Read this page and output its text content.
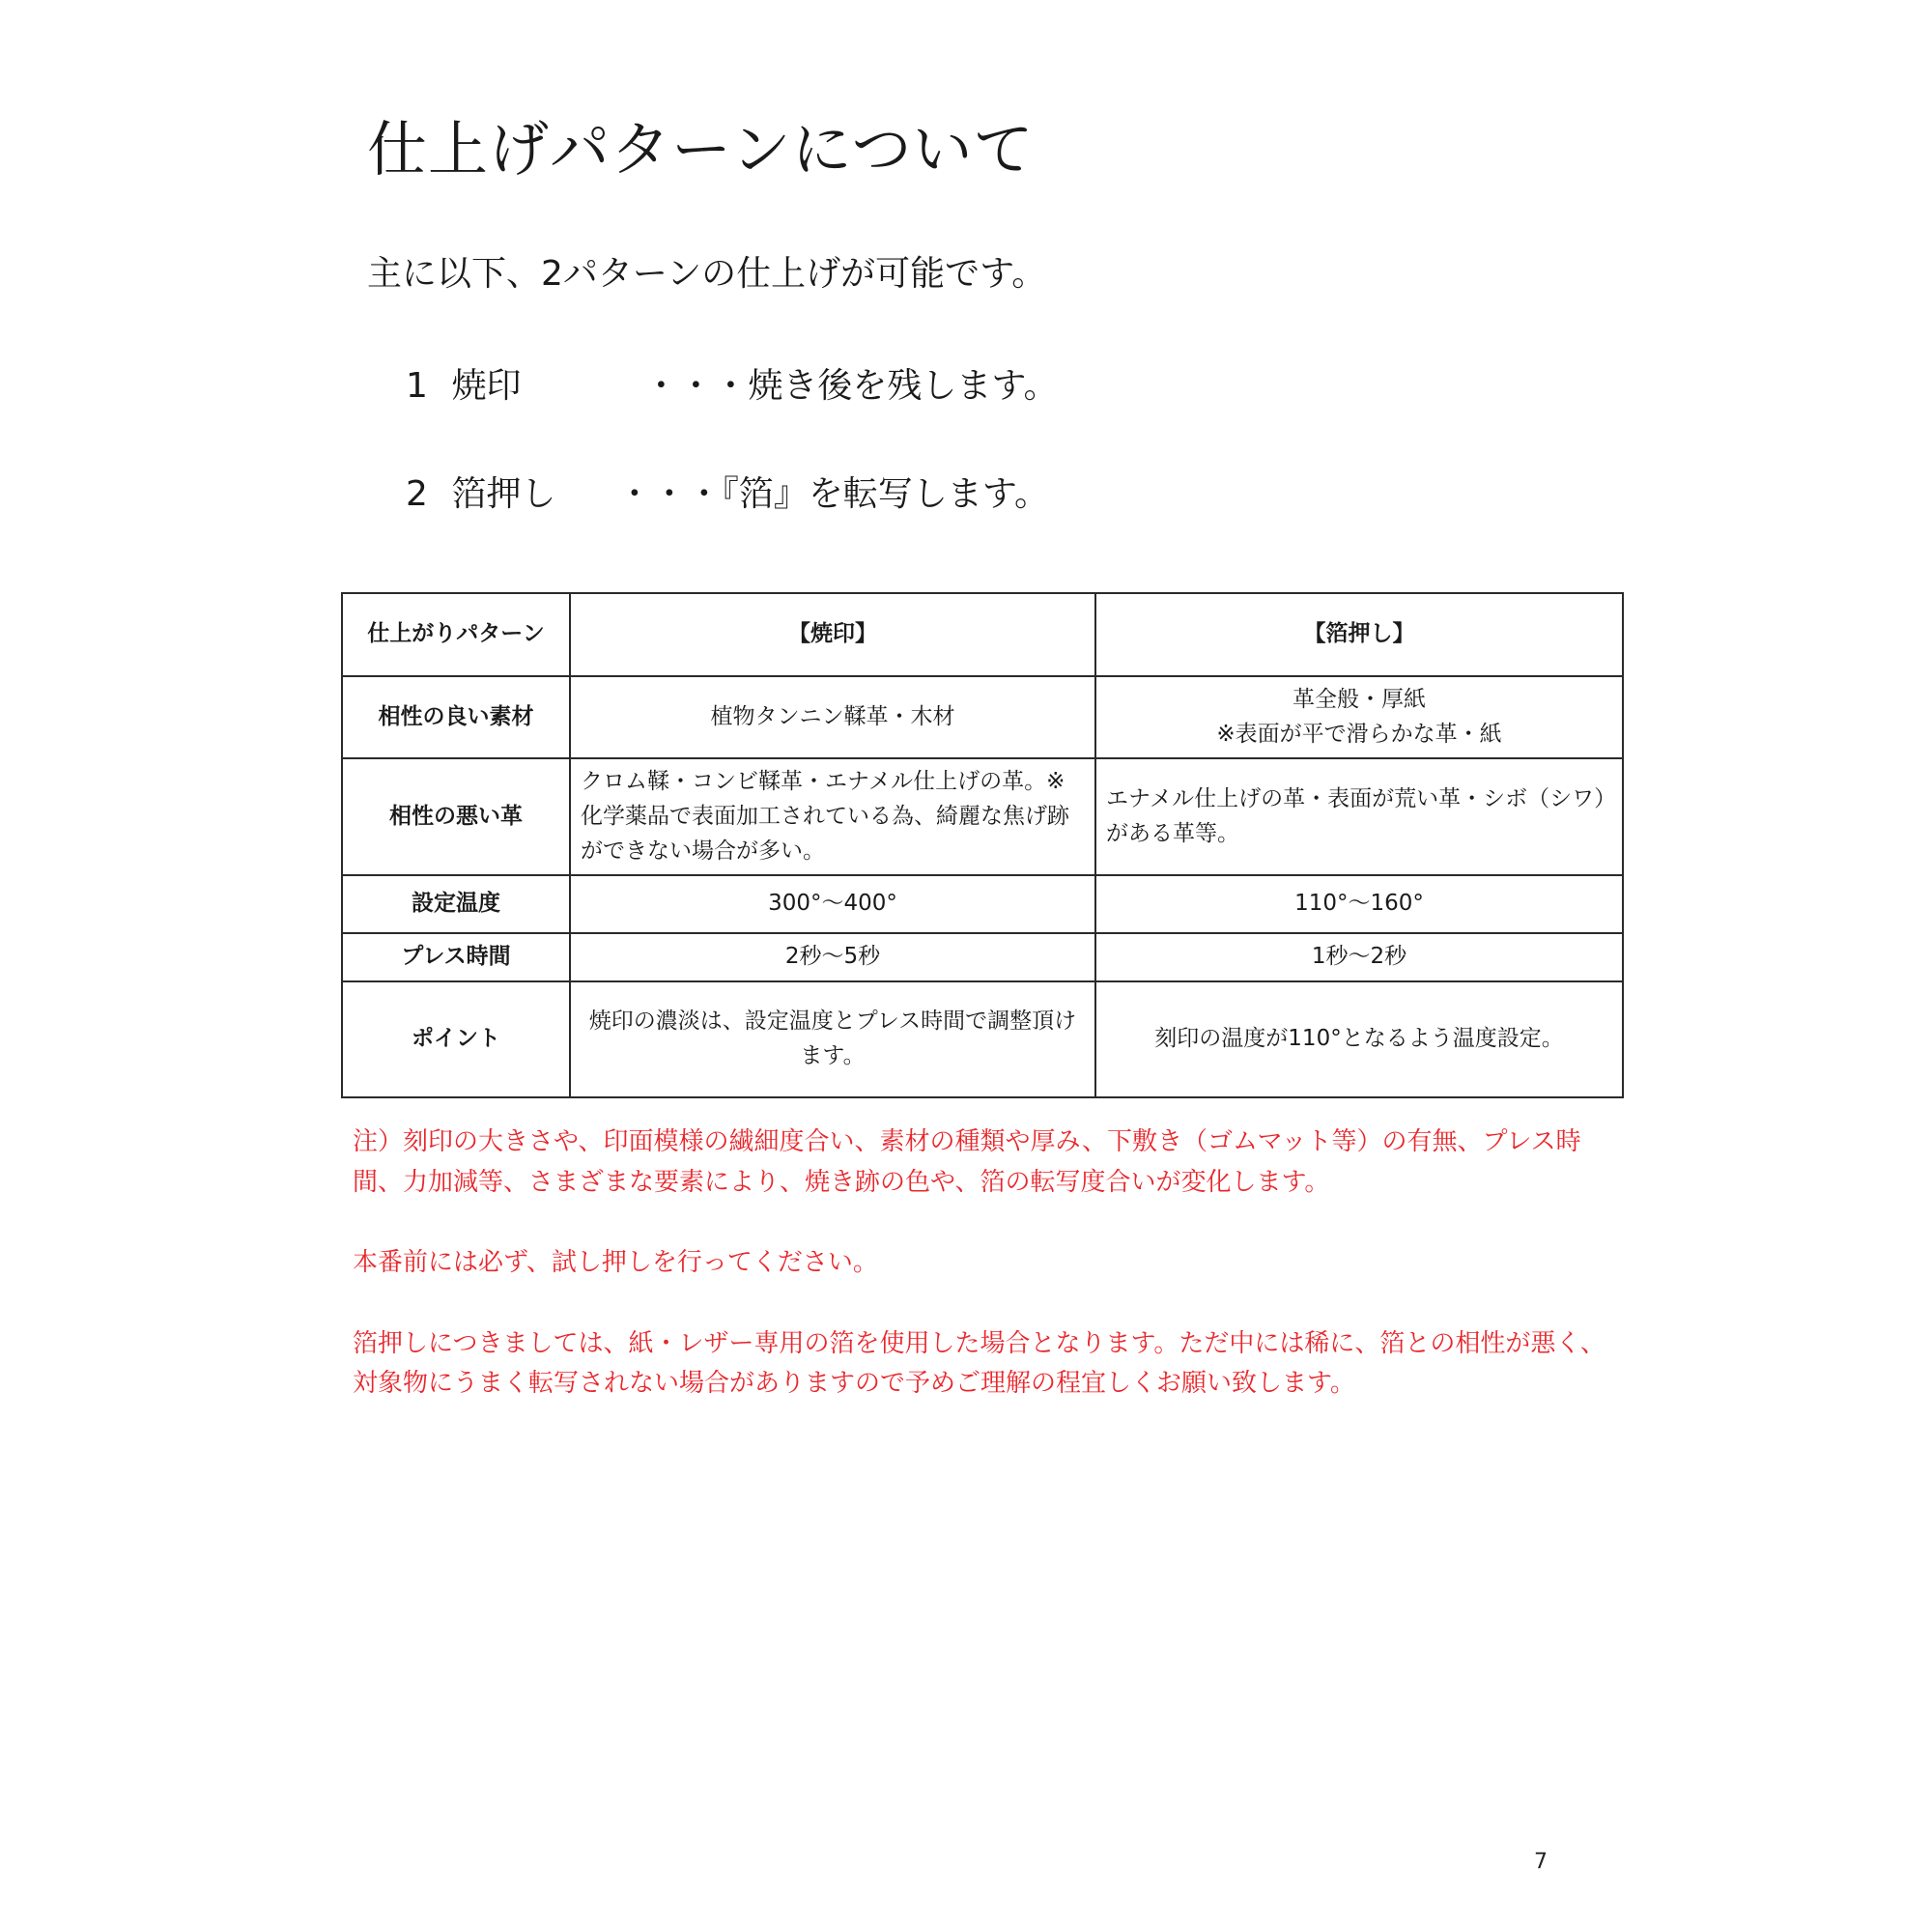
仕上げパターンについて
主に以下、2パターンの仕上げが可能です。
1 焼印	・・・焼き後を残します。
2 箔押し ・・・『箔』を転写します。
仕上がりパターン	【焼印】	【箔押し】
相性の良い素材	植物タンニン鞣革・木材	革全般・厚紙
※表面が平で滑らかな革・紙
相性の悪い革	クロム鞣・コンビ鞣革・エナメル仕上げの革。※化学薬品で表面加工されている為、綺麗な焦げ跡ができない場合が多い。	エナメル仕上げの革・表面が荒い革・シボ（シワ）がある革等。
設定温度	300°〜400°	110°〜160°
プレス時間	2秒〜5秒	1秒〜2秒
ポイント	焼印の濃淡は、設定温度とプレス時間で調整頂けます。	刻印の温度が110°となるよう温度設定。

注）刻印の大きさや、印面模様の繊細度合い、素材の種類や厚み、下敷き（ゴムマット等）の有無、プレス時間、力加減等、さまざまな要素により、焼き跡の色や、箔の転写度合いが変化します。

本番前には必ず、試し押しを行ってください。

箔押しにつきましては、紙・レザー専用の箔を使用した場合となります。ただ中には稀に、箔との相性が悪く、対象物にうまく転写されない場合がありますので予めご理解の程宜しくお願い致します。

7
